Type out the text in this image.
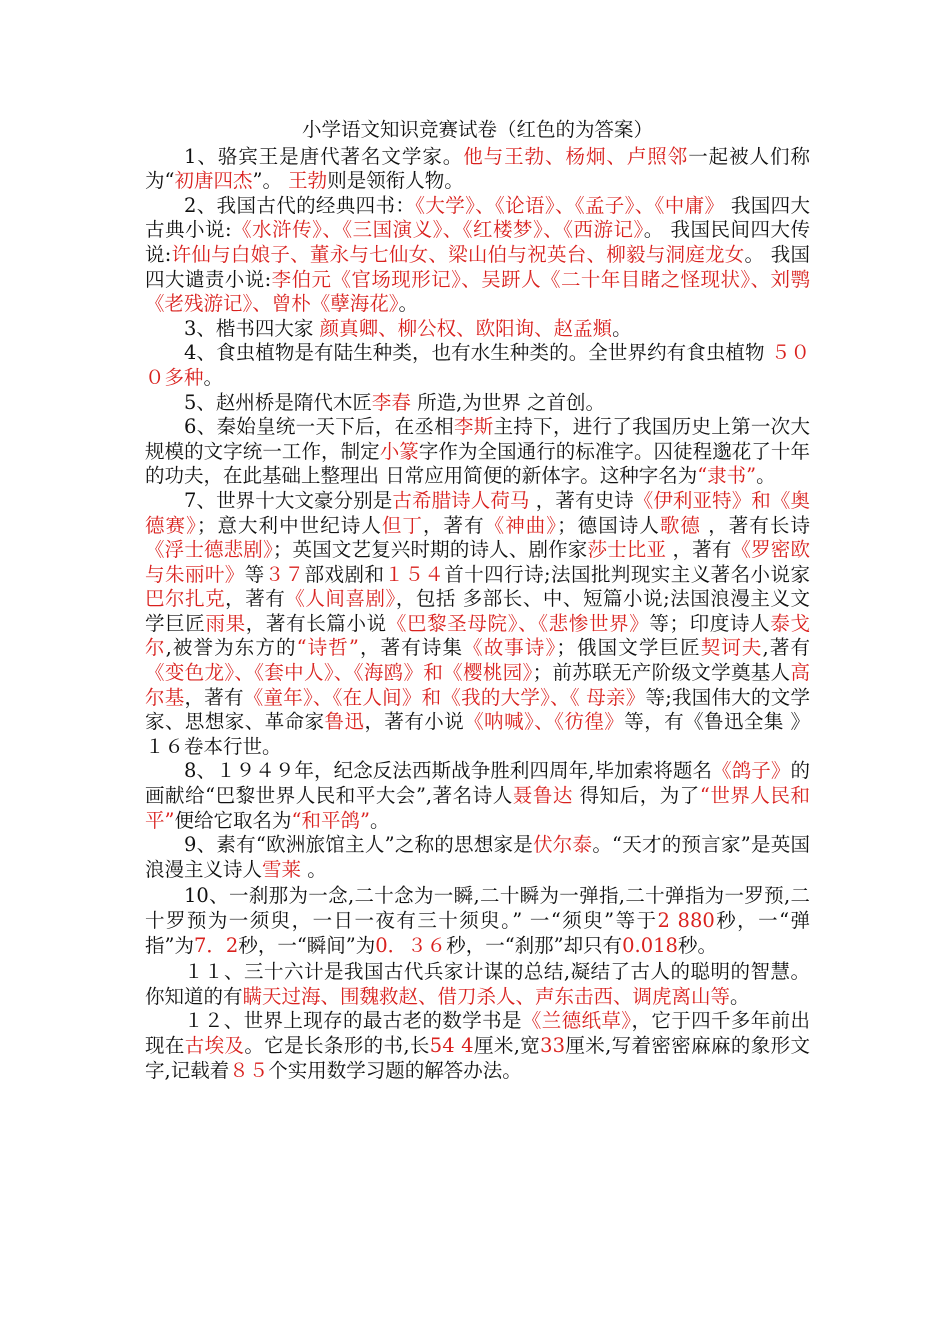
小学语文知识竞赛试卷（红色的为答案）

1、骆宾王是唐代著名文学家。他与王勃、杨炯、卢照邻一起被人们称为“初唐四杰”。 王勃则是领衔人物。

2、我国古代的经典四书：《大学》、《论语》、《孟子》、《中庸》 我国四大古典小说:《水浒传》、《三国演义》、《红楼梦》、《西游记》。 我国民间四大传说:许仙与白娘子、董永与七仙女、梁山伯与祝英台、柳毅与洞庭龙女。 我国四大谴责小说:李伯元《官场现形记》、吴趼人《二十年目睹之怪现状》、刘鹗《老残游记》、曾朴《孽海花》。

3、楷书四大家 颜真卿、柳公权、欧阳询、赵孟頫。

4、食虫植物是有陆生种类，也有水生种类的。全世界约有食虫植物 ５００多种。

5、赵州桥是隋代木匠李春 所造,为世界 之首创。

6、秦始皇统一天下后，在丞相李斯主持下，进行了我国历史上第一次大规模的文字统一工作，制定小篆字作为全国通行的标准字。囚徒程邈花了十年的功夫，在此基础上整理出 日常应用简便的新体字。这种字名为“隶书”。

7、世界十大文豪分别是古希腊诗人荷马 ，著有史诗《伊利亚特》和《奥德赛》；意大利中世纪诗人但丁，著有《神曲》；德国诗人歌德 ，著有长诗《浮士德悲剧》；英国文艺复兴时期的诗人、剧作家莎士比亚 ，著有《罗密欧与朱丽叶》等３７部戏剧和１５４首十四行诗;法国批判现实主义著名小说家巴尔扎克，著有《人间喜剧》，包括 多部长、中、短篇小说;法国浪漫主义文学巨匠雨果，著有长篇小说《巴黎圣母院》、《悲惨世界》等；印度诗人泰戈尔,被誉为东方的“诗哲”，著有诗集《故事诗》；俄国文学巨匠契诃夫,著有《变色龙》、《套中人》、《海鸥》和《樱桃园》；前苏联无产阶级文学奠基人高尔基，著有《童年》、《在人间》和《我的大学》、《 母亲》等;我国伟大的文学家、思想家、革命家鲁迅，著有小说《呐喊》、《彷徨》等，有《鲁迅全集 》１６卷本行世。

8、１９４９年，纪念反法西斯战争胜利四周年,毕加索将题名《鸽子》的画献给“巴黎世界人民和平大会”,著名诗人聂鲁达 得知后，为了“世界人民和平”便给它取名为“和平鸽”。

9、素有“欧洲旅馆主人”之称的思想家是伏尔泰。“天才的预言家”是英国浪漫主义诗人雪莱 。

10、一刹那为一念,二十念为一瞬,二十瞬为一弹指,二十弹指为一罗预,二十罗预为一须臾，一日一夜有三十须臾。” 一“须臾”等于2 880秒，一“弹指”为7．2秒，一“瞬间”为0．３６秒，一“刹那”却只有0.018秒。

１１、三十六计是我国古代兵家计谋的总结,凝结了古人的聪明的智慧。你知道的有瞒天过海、围魏救赵、借刀杀人、声东击西、调虎离山等。

１２、世界上现存的最古老的数学书是《兰德纸草》，它于四千多年前出现在古埃及。它是长条形的书,长54 4厘米,宽33厘米,写着密密麻麻的象形文字,记载着８５个实用数学习题的解答办法。
